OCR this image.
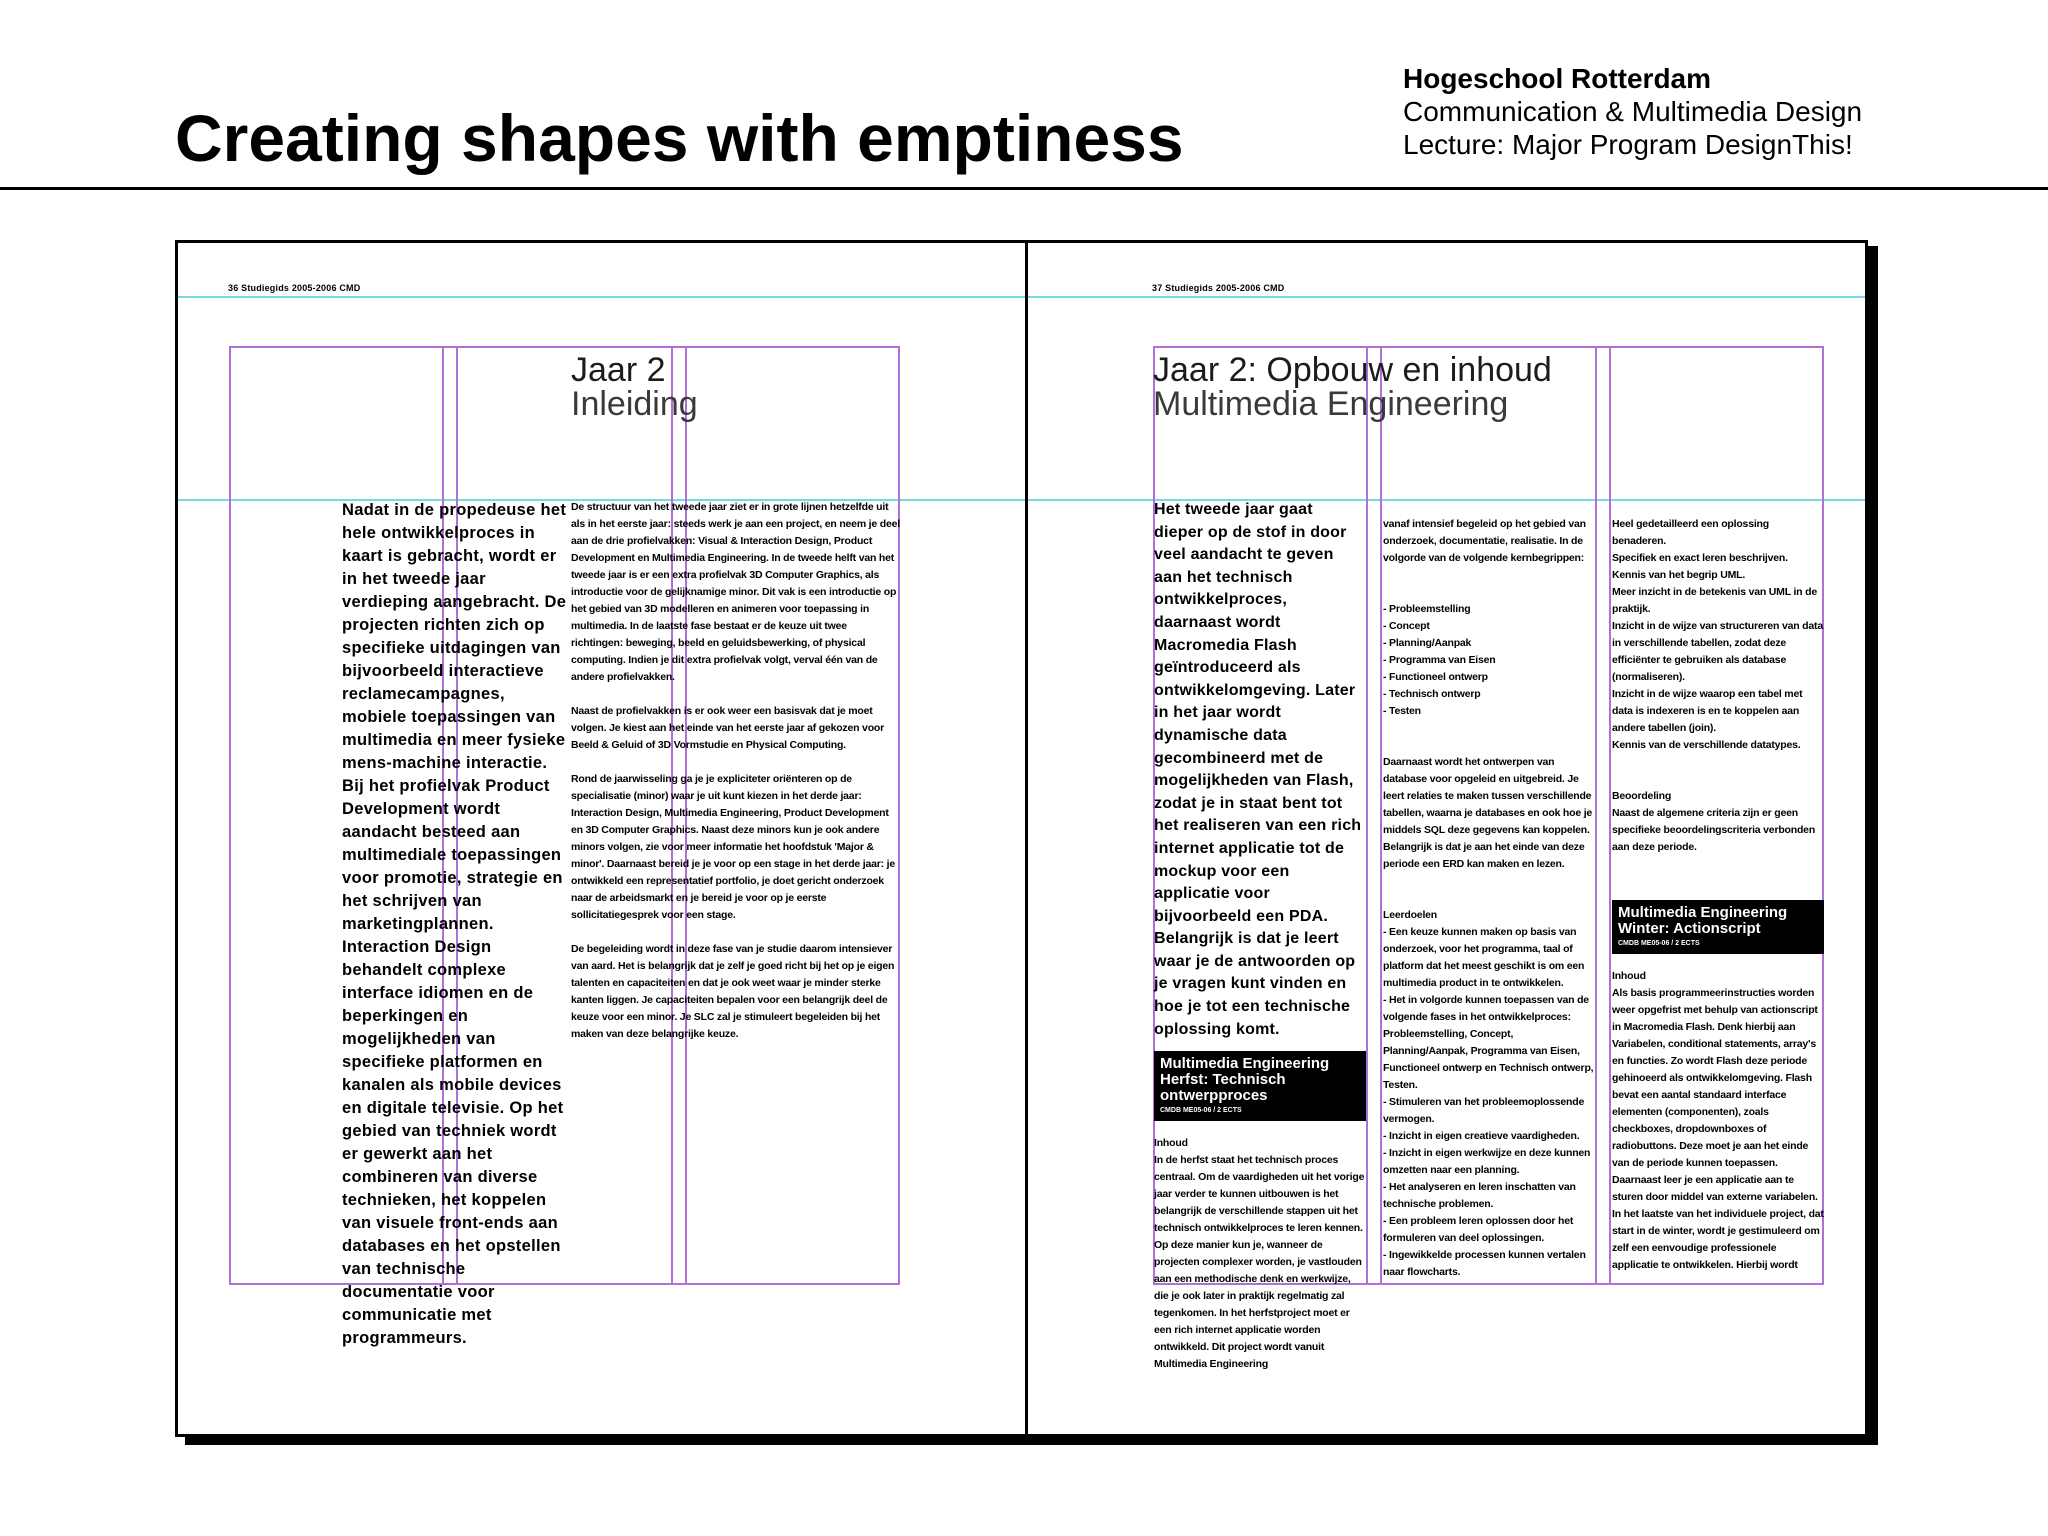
Creating shapes with emptiness
Hogeschool Rotterdam
Communication & Multimedia Design
Lecture: Major Program DesignThis!
36 Studiegids 2005-2006 CMD
Jaar 2
Inleiding
Nadat in de propedeuse het hele ontwikkelproces in kaart is gebracht, wordt er in het tweede jaar verdieping aangebracht. De projecten richten zich op specifieke uitdagingen van bijvoorbeeld interactieve reclamecampagnes, mobiele toepassingen van multimedia en meer fysieke mens-machine interactie. Bij het profielvak Product Development wordt aandacht besteed aan multimediale toepassingen voor promotie, strategie en het schrijven van marketingplannen. Interaction Design behandelt complexe interface idiomen en de beperkingen en mogelijkheden van specifieke platformen en kanalen als mobile devices en digitale televisie. Op het gebied van techniek wordt er gewerkt aan het combineren van diverse technieken, het koppelen van visuele front-ends aan databases en het opstellen van technische documentatie voor communicatie met programmeurs.

De structuur van het tweede jaar ziet er in grote lijnen hetzelfde uit als in het eerste jaar: steeds werk je aan een project, en neem je deel aan de drie profielvakken: Visual & Interaction Design, Product Development en Multimedia Engineering. In de tweede helft van het tweede jaar is er een extra profielvak 3D Computer Graphics, als introductie voor de gelijknamige minor. Dit vak is een introductie op het gebied van 3D modelleren en animeren voor toepassing in multimedia. In de laatste fase bestaat er de keuze uit twee richtingen: beweging, beeld en geluidsbewerking, of physical computing. Indien je dit extra profielvak volgt, verval één van de andere profielvakken.

Naast de profielvakken is er ook weer een basisvak dat je moet volgen. Je kiest aan het einde van het eerste jaar af gekozen voor Beeld & Geluid of 3D Vormstudie en Physical Computing.

Rond de jaarwisseling ga je je expliciteter oriënteren op de specialisatie (minor) waar je uit kunt kiezen in het derde jaar: Interaction Design, Multimedia Engineering, Product Development en 3D Computer Graphics. Naast deze minors kun je ook andere minors volgen, zie voor meer informatie het hoofdstuk 'Major & minor'. Daarnaast bereid je je voor op een stage in het derde jaar: je ontwikkeld een representatief portfolio, je doet gericht onderzoek naar de arbeidsmarkt en je bereid je voor op je eerste sollicitatiegesprek voor een stage.

De begeleiding wordt in deze fase van je studie daarom intensiever van aard. Het is belangrijk dat je zelf je goed richt bij het op je eigen talenten en capaciteiten en dat je ook weet waar je minder sterke kanten liggen. Je capaciteiten bepalen voor een belangrijk deel de keuze voor een minor. Je SLC zal je stimuleert begeleiden bij het maken van deze belangrijke keuze.

37 Studiegids 2005-2006 CMD
Jaar 2: Opbouw en inhoud
Multimedia Engineering
Het tweede jaar gaat dieper op de stof in door veel aandacht te geven aan het technisch ontwikkelproces, daarnaast wordt Macromedia Flash geïntroduceerd als ontwikkelomgeving. Later in het jaar wordt dynamische data gecombineerd met de mogelijkheden van Flash, zodat je in staat bent tot het realiseren van een rich internet applicatie tot de mockup voor een applicatie voor bijvoorbeeld een PDA. Belangrijk is dat je leert waar je de antwoorden op je vragen kunt vinden en hoe je tot een technische oplossing komt.
Multimedia Engineering Herfst: Technisch ontwerpproces
CMDB ME05-06 / 2 ECTS
Inhoud
In de herfst staat het technisch proces centraal. Om de vaardigheden uit het vorige jaar verder te kunnen uitbouwen is het belangrijk de verschillende stappen uit het technisch ontwikkelproces te leren kennen. Op deze manier kun je, wanneer de projecten complexer worden, je vastlouden aan een methodische denk en werkwijze, die je ook later in praktijk regelmatig zal tegenkomen. In het herfstproject moet er een rich internet applicatie worden ontwikkeld. Dit project wordt vanuit Multimedia Engineering

vanaf intensief begeleid op het gebied van onderzoek, documentatie, realisatie. In de volgorde van de volgende kernbegrippen:

- Probleemstelling
- Concept
- Planning/Aanpak
- Programma van Eisen
- Functioneel ontwerp
- Technisch ontwerp
- Testen

Daarnaast wordt het ontwerpen van database voor opgeleid en uitgebreid. Je leert relaties te maken tussen verschillende tabellen, waarna je databases en ook hoe je middels SQL deze gegevens kan koppelen. Belangrijk is dat je aan het einde van deze periode een ERD kan maken en lezen.

Leerdoelen
- Een keuze kunnen maken op basis van onderzoek, voor het programma, taal of platform dat het meest geschikt is om een multimedia product in te ontwikkelen.
- Het in volgorde kunnen toepassen van de volgende fases in het ontwikkelproces: Probleemstelling, Concept, Planning/Aanpak, Programma van Eisen, Functioneel ontwerp en Technisch ontwerp, Testen.
- Stimuleren van het probleemoplossende vermogen.
- Inzicht in eigen creatieve vaardigheden.
- Inzicht in eigen werkwijze en deze kunnen omzetten naar een planning.
- Het analyseren en leren inschatten van technische problemen.
- Een probleem leren oplossen door het formuleren van deel oplossingen.
- Ingewikkelde processen kunnen vertalen naar flowcharts.

Heel gedetailleerd een oplossing benaderen.
Specifiek en exact leren beschrijven.
Kennis van het begrip UML.
Meer inzicht in de betekenis van UML in de praktijk.
Inzicht in de wijze van structureren van data in verschillende tabellen, zodat deze efficiënter te gebruiken als database (normaliseren).
Inzicht in de wijze waarop een tabel met data is indexeren is en te koppelen aan andere tabellen (join).
Kennis van de verschillende datatypes.

Beoordeling
Naast de algemene criteria zijn er geen specifieke beoordelingscriteria verbonden aan deze periode.

Multimedia Engineering Winter: Actionscript
CMDB ME05-06 / 2 ECTS
Inhoud
Als basis programmeerinstructies worden weer opgefrist met behulp van actionscript in Macromedia Flash. Denk hierbij aan Variabelen, conditional statements, array's en functies. Zo wordt Flash deze periode gehinoeerd als ontwikkelomgeving. Flash bevat een aantal standaard interface elementen (componenten), zoals checkboxes, dropdownboxes of radiobuttons. Deze moet je aan het einde van de periode kunnen toepassen. Daarnaast leer je een applicatie aan te sturen door middel van externe variabelen. In het laatste van het individuele project, dat start in de winter, wordt je gestimuleerd om zelf een eenvoudige professionele applicatie te ontwikkelen. Hierbij wordt
